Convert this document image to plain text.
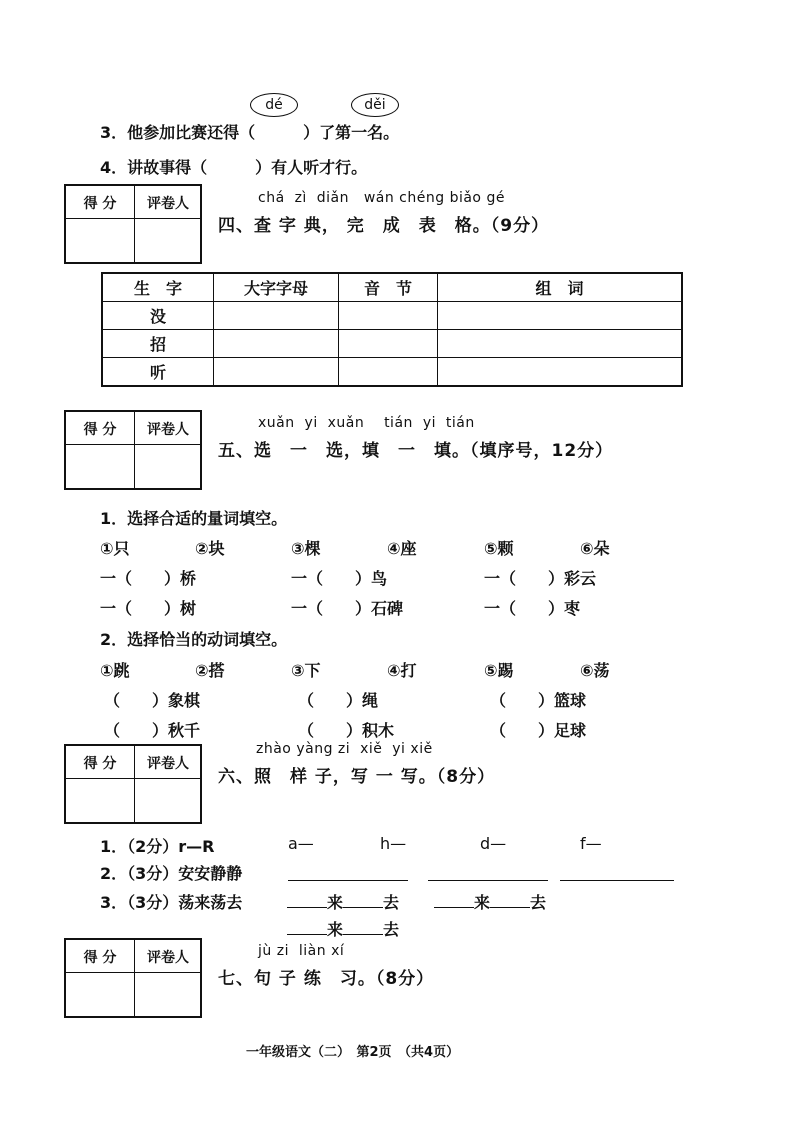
dé	děi
3．他参加比赛还得（　　　）了第一名。
4．讲故事得（　　　）有人听才行。
得 分	评卷人	chá zì diǎn wán chéng biǎo gé
四、查 字 典， 完　成　表　格。（9分）
生　字	大字字母	音　节	组　词
没			
招			
听			
得 分	评卷人	xuǎn yi xuǎn tián yi tián
五、选　一　选，填　一　填。（填序号，12分）
1．选择合适的量词填空。
①只	②块	③棵	④座	⑤颗	⑥朵
一（　　）桥	一（　　）鸟	一（　　）彩云
一（　　）树	一（　　）石碑	一（　　）枣
2．选择恰当的动词填空。
①跳	②搭	③下	④打	⑤踢	⑥荡
（　　）象棋	（　　）绳	（　　）篮球
（　　）秋千	（　　）积木	（　　）足球
得 分	评卷人
zhào yàng zi xiě yi xiě
六、照　样 子，写 一 写。（8分）
1．（2分）r—R	a—	h—	d—	f—
2．（3分）安安静静
3．（3分）荡来荡去	来	去	来	去
来	去
得 分	评卷人	jù zi liàn xí
七、句 子 练　习。（8分）
一年级语文（二）　第2页　（共4页）
